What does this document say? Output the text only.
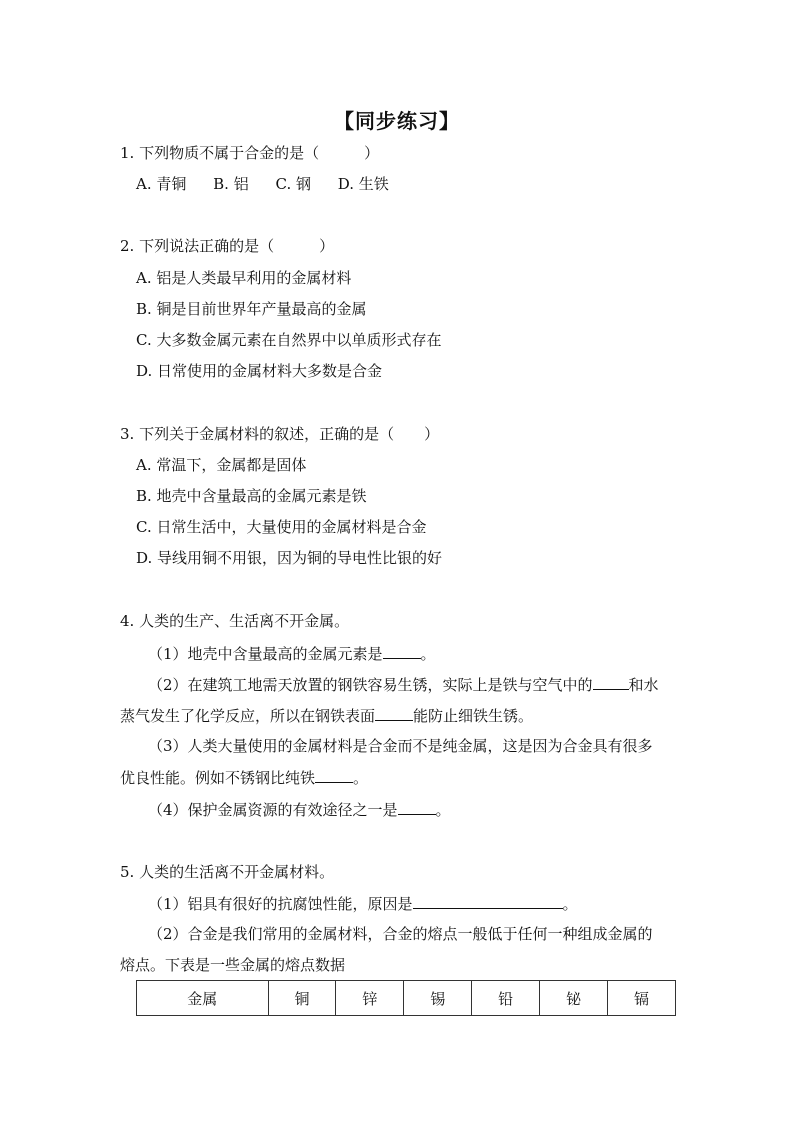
【同步练习】
1. 下列物质不属于合金的是（　　　）
A. 青铜 B. 铝 C. 钢 D. 生铁
2. 下列说法正确的是（　　　）
A. 铝是人类最早利用的金属材料
B. 铜是目前世界年产量最高的金属
C. 大多数金属元素在自然界中以单质形式存在
D. 日常使用的金属材料大多数是合金
3. 下列关于金属材料的叙述，正确的是（　　）
A. 常温下，金属都是固体
B. 地壳中含量最高的金属元素是铁
C. 日常生活中，大量使用的金属材料是合金
D. 导线用铜不用银，因为铜的导电性比银的好
4. 人类的生产、生活离不开金属。
（1）地壳中含量最高的金属元素是	。
（2）在建筑工地需天放置的钢铁容易生锈，实际上是铁与空气中的 和水
蒸气发生了化学反应，所以在钢铁表面	能防止细铁生锈。
（3）人类大量使用的金属材料是合金而不是纯金属，这是因为合金具有很多
优良性能。例如不锈钢比纯铁	。
（4）保护金属资源的有效途径之一是	。
5. 人类的生活离不开金属材料。
（1）铝具有很好的抗腐蚀性能，原因是	。
（2）合金是我们常用的金属材料，合金的熔点一般低于任何一种组成金属的
熔点。下表是一些金属的熔点数据
金属	铜	锌	锡	铅	铋	镉
